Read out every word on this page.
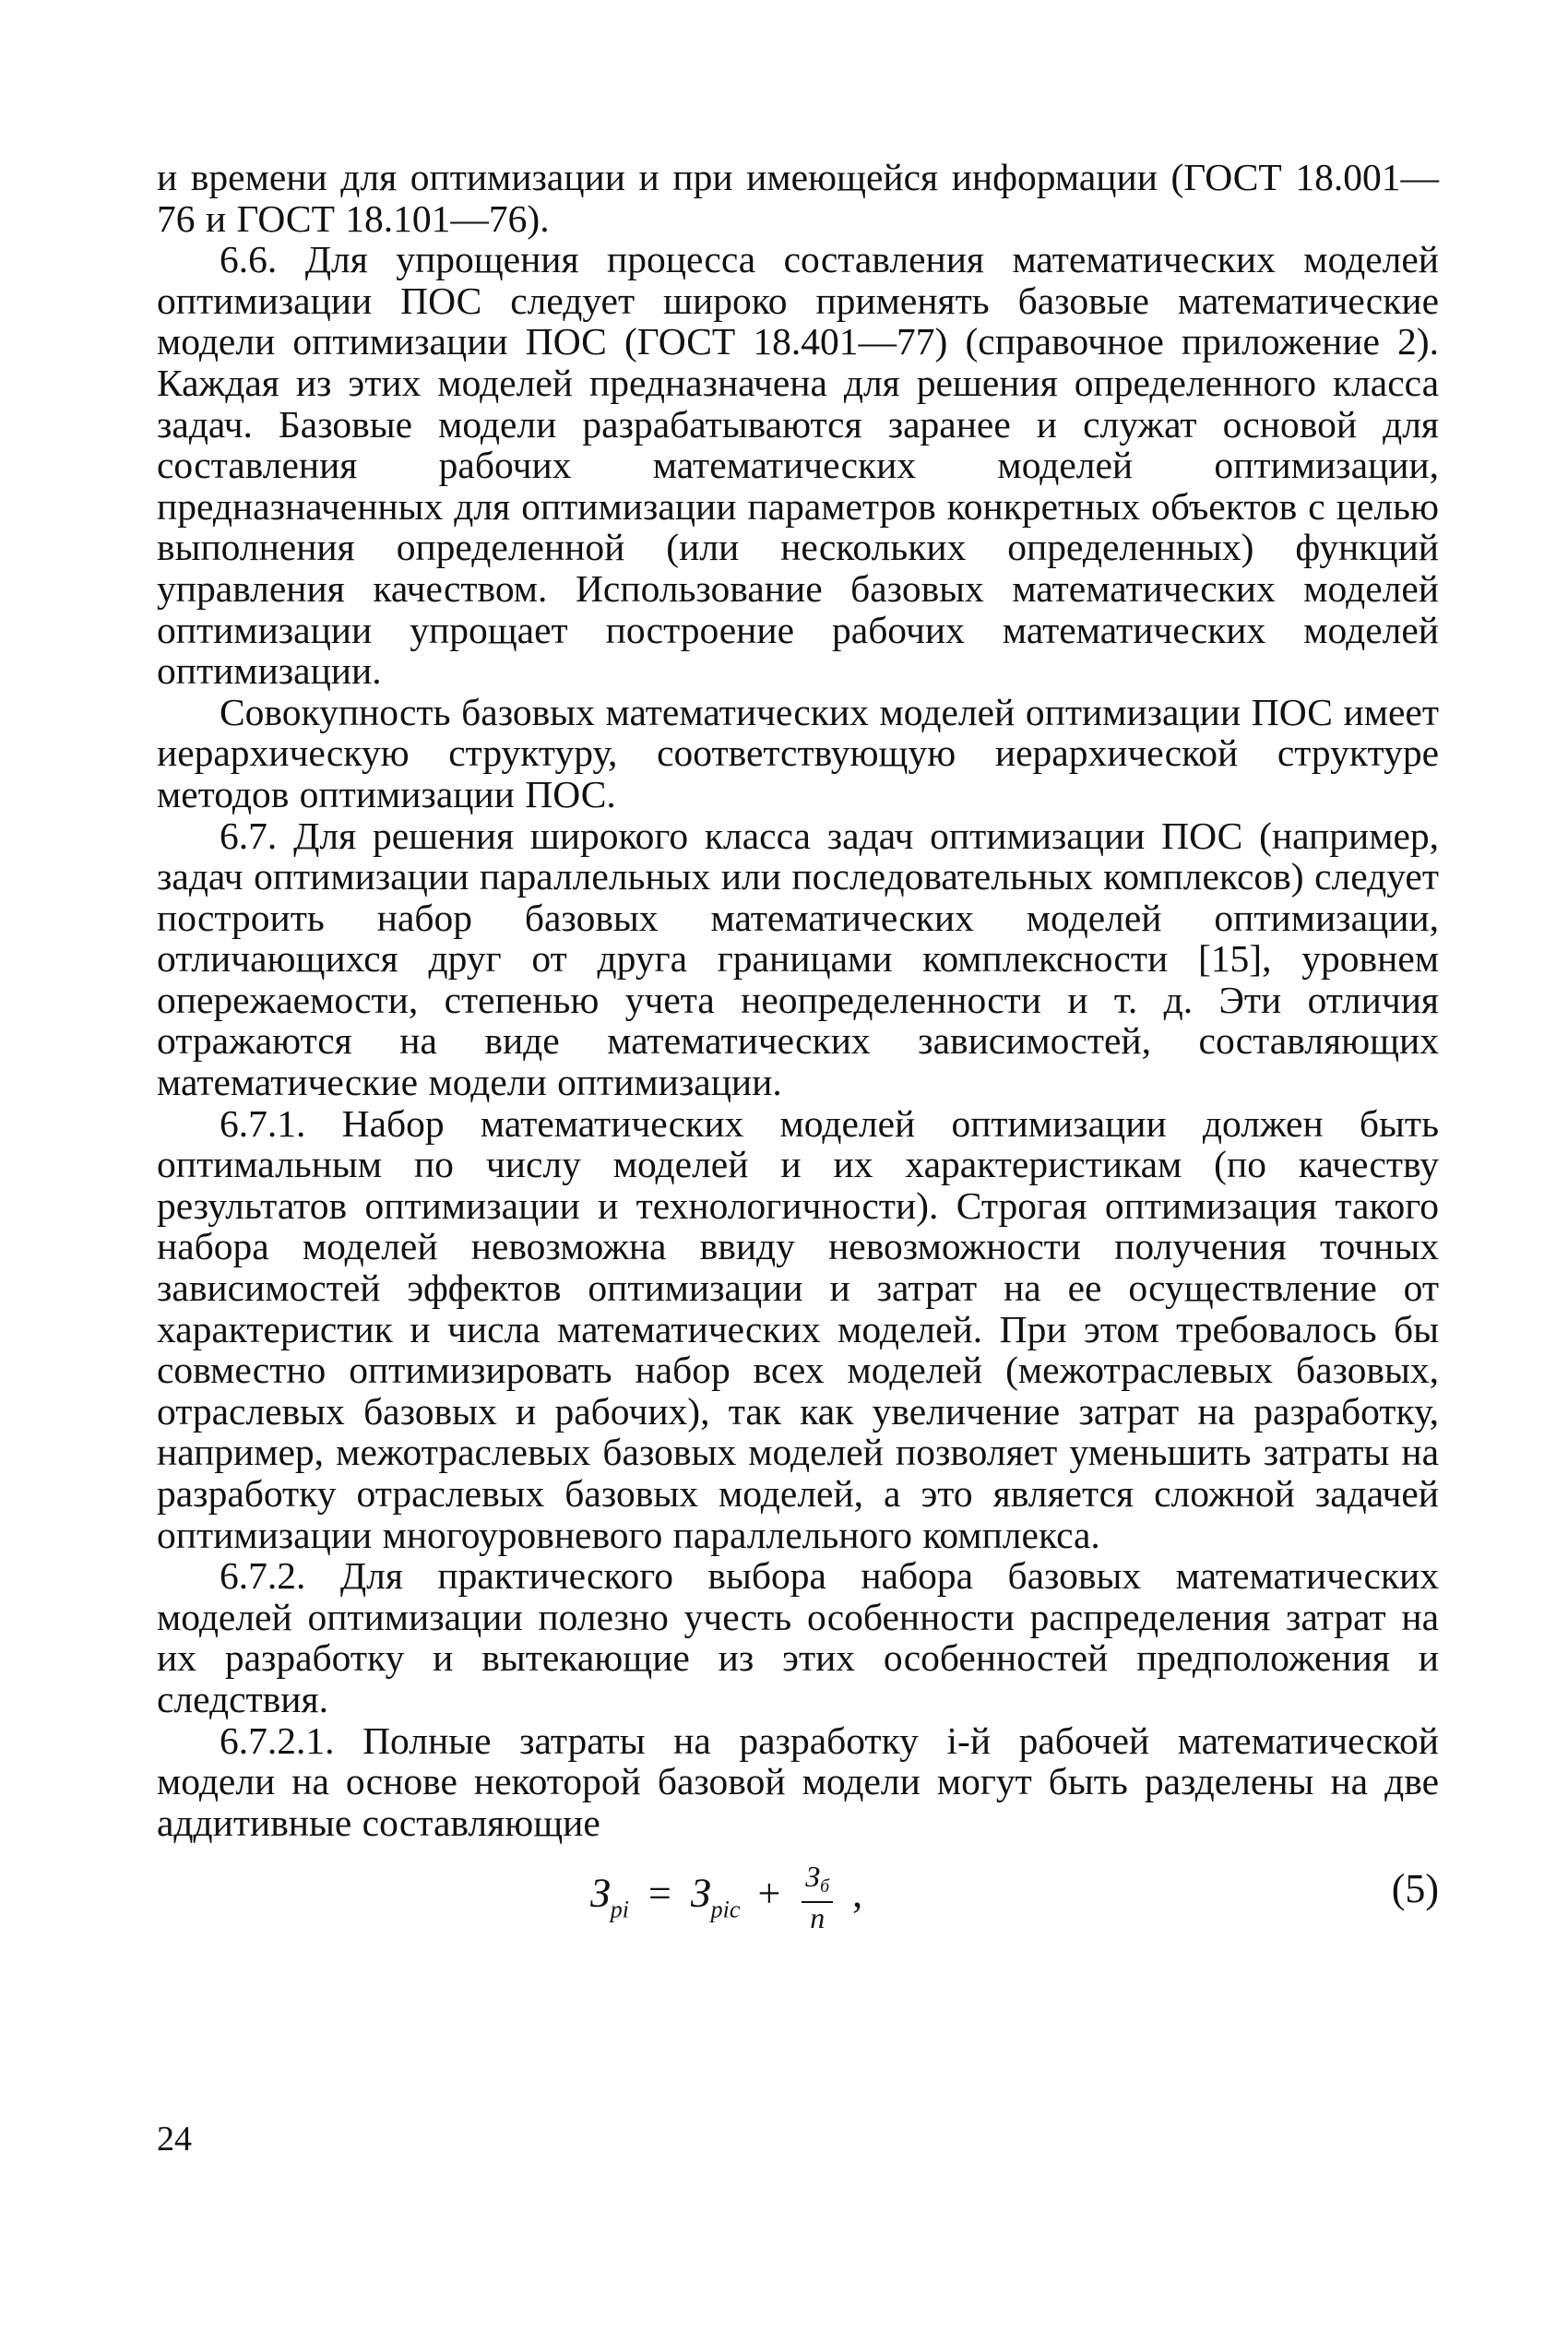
и времени для оптимизации и при имеющейся информации (ГОСТ 18.001—76 и ГОСТ 18.101—76).

6.6. Для упрощения процесса составления математических моделей оптимизации ПОС следует широко применять базовые математические модели оптимизации ПОС (ГОСТ 18.401—77) (справочное приложение 2). Каждая из этих моделей предназначена для решения определенного класса задач. Базовые модели разрабатываются заранее и служат основой для составления рабочих математических моделей оптимизации, предназначенных для оптимизации параметров конкретных объектов с целью выполнения определенной (или нескольких определенных) функций управления качеством. Использование базовых математических моделей оптимизации упрощает построение рабочих математических моделей оптимизации.

Совокупность базовых математических моделей оптимизации ПОС имеет иерархическую структуру, соответствующую иерархической структуре методов оптимизации ПОС.

6.7. Для решения широкого класса задач оптимизации ПОС (например, задач оптимизации параллельных или последовательных комплексов) следует построить набор базовых математических моделей оптимизации, отличающихся друг от друга границами комплексности [15], уровнем опережаемости, степенью учета неопределенности и т. д. Эти отличия отражаются на виде математических зависимостей, составляющих математические модели оптимизации.

6.7.1. Набор математических моделей оптимизации должен быть оптимальным по числу моделей и их характеристикам (по качеству результатов оптимизации и технологичности). Строгая оптимизация такого набора моделей невозможна ввиду невозможности получения точных зависимостей эффектов оптимизации и затрат на ее осуществление от характеристик и числа математических моделей. При этом требовалось бы совместно оптимизировать набор всех моделей (межотраслевых базовых, отраслевых базовых и рабочих), так как увеличение затрат на разработку, например, межотраслевых базовых моделей позволяет уменьшить затраты на разработку отраслевых базовых моделей, а это является сложной задачей оптимизации многоуровневого параллельного комплекса.

6.7.2. Для практического выбора набора базовых математических моделей оптимизации полезно учесть особенности распределения затрат на их разработку и вытекающие из этих особенностей предположения и следствия.

6.7.2.1. Полные затраты на разработку i-й рабочей математической модели на основе некоторой базовой модели могут быть разделены на две аддитивные составляющие

$З_{рi} = З_{рiс} + \frac{З_б}{n}$ ,	(5)
24
